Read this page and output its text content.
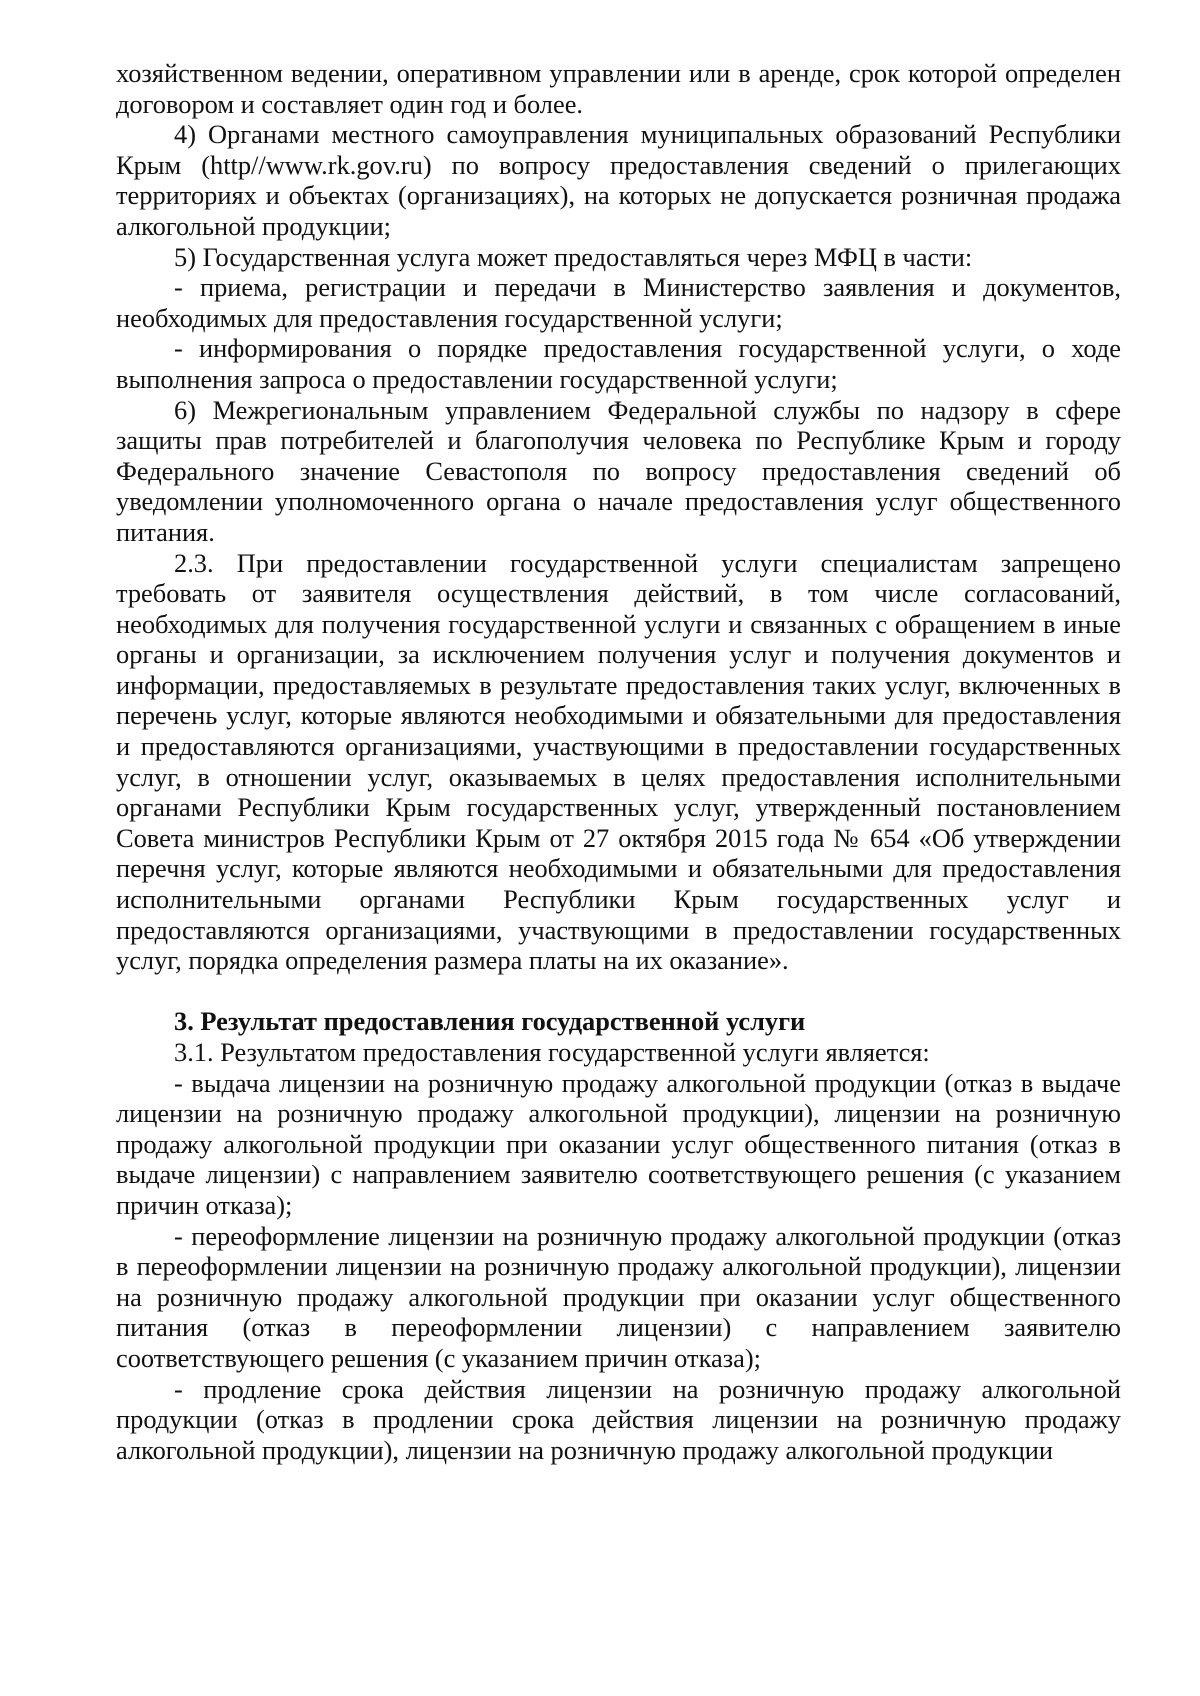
хозяйственном ведении, оперативном управлении или в аренде, срок которой определен договором и составляет один год и более.

4) Органами местного самоуправления муниципальных образований Республики Крым (http//www.rk.gov.ru) по вопросу предоставления сведений о прилегающих территориях и объектах (организациях), на которых не допускается розничная продажа алкогольной продукции;

5) Государственная услуга может предоставляться через МФЦ в части:

- приема, регистрации и передачи в Министерство заявления и документов, необходимых для предоставления государственной услуги;

- информирования о порядке предоставления государственной услуги, о ходе выполнения запроса о предоставлении государственной услуги;

6) Межрегиональным управлением Федеральной службы по надзору в сфере защиты прав потребителей и благополучия человека по Республике Крым и городу Федерального значение Севастополя по вопросу предоставления сведений об уведомлении уполномоченного органа о начале предоставления услуг общественного питания.

2.3. При предоставлении государственной услуги специалистам запрещено требовать от заявителя осуществления действий, в том числе согласований, необходимых для получения государственной услуги и связанных с обращением в иные органы и организации, за исключением получения услуг и получения документов и информации, предоставляемых в результате предоставления таких услуг, включенных в перечень услуг, которые являются необходимыми и обязательными для предоставления и предоставляются организациями, участвующими в предоставлении государственных услуг, в отношении услуг, оказываемых в целях предоставления исполнительными органами Республики Крым государственных услуг, утвержденный постановлением Совета министров Республики Крым от 27 октября 2015 года № 654 «Об утверждении перечня услуг, которые являются необходимыми и обязательными для предоставления исполнительными органами Республики Крым государственных услуг и предоставляются организациями, участвующими в предоставлении государственных услуг, порядка определения размера платы на их оказание».

3. Результат предоставления государственной услуги

3.1. Результатом предоставления государственной услуги является:

- выдача лицензии на розничную продажу алкогольной продукции (отказ в выдаче лицензии на розничную продажу алкогольной продукции), лицензии на розничную продажу алкогольной продукции при оказании услуг общественного питания (отказ в выдаче лицензии) с направлением заявителю соответствующего решения (с указанием причин отказа);

- переоформление лицензии на розничную продажу алкогольной продукции (отказ в переоформлении лицензии на розничную продажу алкогольной продукции), лицензии на розничную продажу алкогольной продукции при оказании услуг общественного питания (отказ в переоформлении лицензии) с направлением заявителю соответствующего решения (с указанием причин отказа);

- продление срока действия лицензии на розничную продажу алкогольной продукции (отказ в продлении срока действия лицензии на розничную продажу алкогольной продукции), лицензии на розничную продажу алкогольной продукции
